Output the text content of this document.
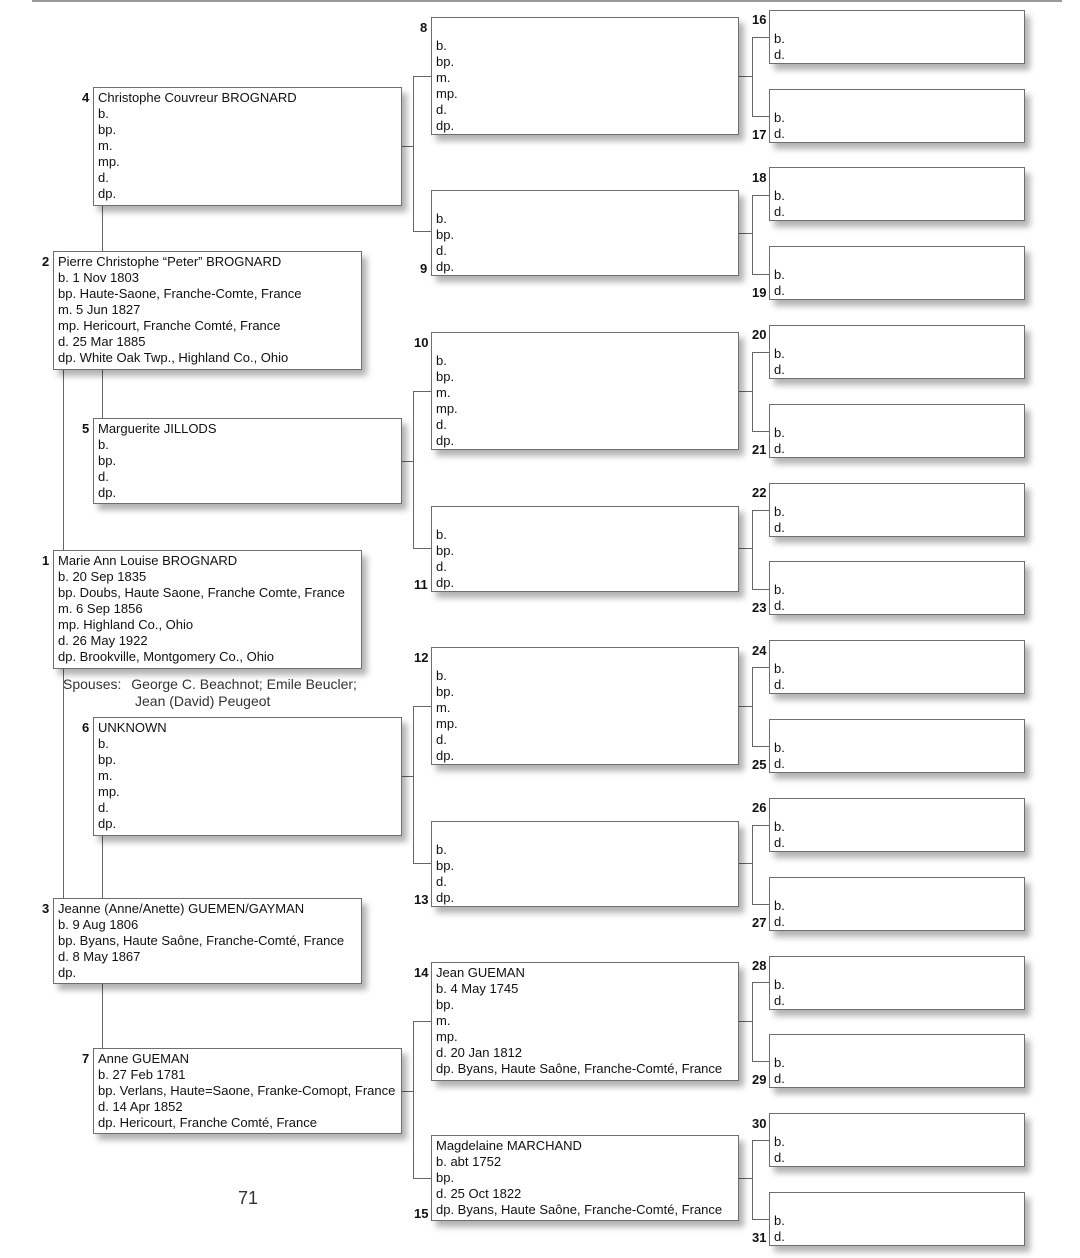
Marie Ann Louise BROGNARD
b. 20 Sep 1835
bp. Doubs, Haute Saone, Franche Comte, France
m. 6 Sep 1856
mp. Highland Co., Ohio
d. 26 May 1922
dp. Brookville, Montgomery Co., Ohio
1
Pierre Christophe “Peter” BROGNARD
b. 1 Nov 1803
bp. Haute-Saone, Franche-Comte, France
m. 5 Jun 1827
mp. Hericourt, Franche Comté, France
d. 25 Mar 1885
dp. White Oak Twp., Highland Co., Ohio
2
Jeanne (Anne/Anette) GUEMEN/GAYMAN
b. 9 Aug 1806
bp. Byans, Haute Saône, Franche-Comté, France
d. 8 May 1867
dp.
3
Christophe Couvreur BROGNARD
b.
bp.
m.
mp.
d.
dp.
4
Marguerite JILLODS
b.
bp.
d.
dp.
5
UNKNOWN
b.
bp.
m.
mp.
d.
dp.
6
Anne GUEMAN
b. 27 Feb 1781
bp. Verlans, Haute=Saone, Franke-Comopt, France
d. 14 Apr 1852
dp. Hericourt, Franche Comté, France
7
b.
bp.
m.
mp.
d.
dp.
8
b.
bp.
d.
dp.
9
b.
bp.
m.
mp.
d.
dp.
10
b.
bp.
d.
dp.
11
b.
bp.
m.
mp.
d.
dp.
12
b.
bp.
d.
dp.
13
Jean GUEMAN
b. 4 May 1745
bp.
m.
mp.
d. 20 Jan 1812
dp. Byans, Haute Saône, Franche-Comté, France
14
Magdelaine MARCHAND
b. abt 1752
bp.
d. 25 Oct 1822
dp. Byans, Haute Saône, Franche-Comté, France
15
b.
d.
16
b.
d.
17
b.
d.
18
b.
d.
19
b.
d.
20
b.
d.
21
b.
d.
22
b.
d.
23
b.
d.
24
b.
d.
25
b.
d.
26
b.
d.
27
b.
d.
28
b.
d.
29
b.
d.
30
b.
d.
31
Spouses: George C. Beachnot; Emile Beucler;
Jean (David) Peugeot
71
